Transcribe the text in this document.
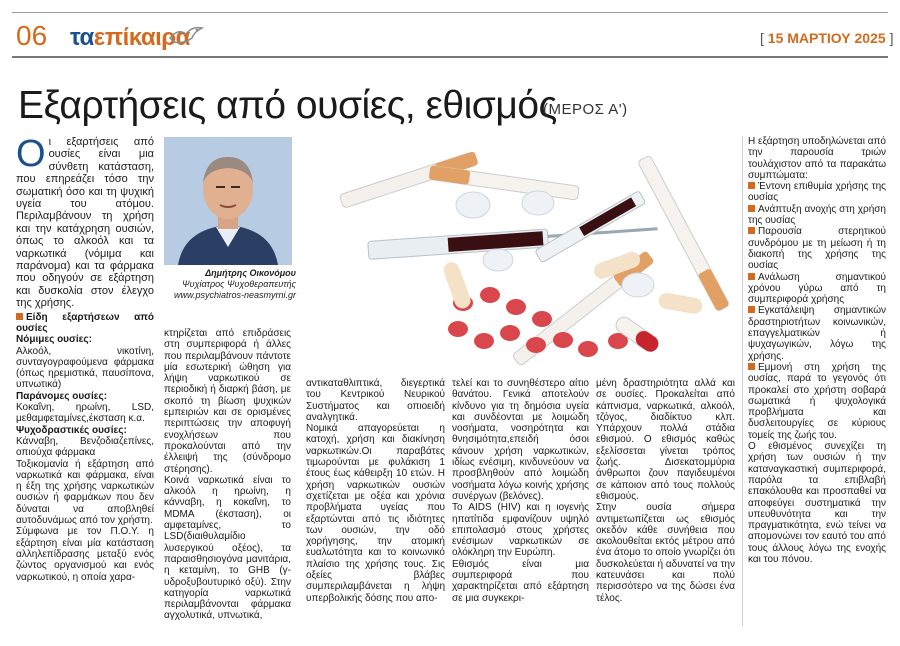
06 ταεπίκαιρα	[ 15 ΜΑΡΤΙΟΥ 2025 ]
Εξαρτήσεις από ουσίες, εθισμός
(ΜΕΡΟΣ Α')

Οι εξαρτήσεις από ουσίες είναι μια σύνθετη κατάσταση, που επηρεάζει τόσο την σωματική όσο και τη ψυχική υγεία του ατόμου. Περιλαμβάνουν τη χρήση και την κατάχρηση ουσιών, όπως το αλκοόλ και τα ναρκωτικά (νόμιμα και παράνομα) και τα φάρμακα που οδηγούν σε εξάρτηση και δυσκολία στον έλεγχο της χρήσης.

Είδη εξαρτήσεων από ουσίες

Νόμιμες ουσίες:

Αλκοόλ, νικοτίνη, συνταγογραφούμενα φάρμακα (όπως ηρεμιστικά, παυσίπονα, υπνωτικά)

Παράνομες ουσίες:

Κοκαΐνη, ηρωίνη, LSD, μεθαμφεταμίνες,έκσταση κ.α.

Ψυχοδραστικές ουσίες:

Κάνναβη, Βενζοδιαζεπίνες, οπιούχα φάρμακα

Τοξικομανία ή εξάρτηση από ναρκωτικά και φάρμακα, είναι η έξη της χρήσης ναρκωτικών ουσιών ή φαρμάκων που δεν δύναται να αποβληθεί αυτοδυνάμως από τον χρήστη.

Σύμφωνα με τον Π.Ο.Υ. η εξάρτηση είναι μία κατάσταση αλληλεπίδρασης μεταξύ ενός ζώντος οργανισμού και ενός ναρκωτικού, η οποία χαρα-

Δημήτρης Οικονόμου
Ψυχίατρος Ψυχοθεραπευτής
www.psychiatros-neasmyrni.gr

κτηρίζεται από επιδράσεις στη συμπεριφορά ή άλλες που περιλαμβάνουν πάντοτε μία εσωτερική ώθηση για λήψη ναρκωτικού σε περιοδική ή διαρκή βάση, με σκοπό τη βίωση ψυχικών εμπειριών και σε ορισμένες περιπτώσεις την αποφυγή ενοχλήσεων που προκαλούνται από την έλλειψή της (σύνδρομο στέρησης).

Κοινά ναρκωτικά είναι το αλκοόλ η ηρωίνη, η κάνναβη, η κοκαΐνη, το MDMA (έκσταση), οι αμφεταμίνες, το LSD(διαιθυλαμίδιο λυσεργικού οξέος), τα παραισθησιογόνα μανιτάρια, η κεταμίνη, το GHB (γ-υδροξυβουτυρικό οξύ). Στην κατηγορία ναρκωτικά περιλαμβάνονται φάρμακα αγχολυτικά, υπνωτικά,

αντικαταθλιπτικά, διεγερτικά του Κεντρικού Νευρικού Συστήματος και οπιοειδή αναλγητικά.

Νομικά απαγορεύεται η κατοχή, χρήση και διακίνηση ναρκωτικών.Οι παραβάτες τιμωρούνται με φυλάκιση 1 έτους έως κάθειρξη 10 ετών. Η χρήση ναρκωτικών ουσιών σχετίζεται με οξέα και χρόνια προβλήματα υγείας που εξαρτώνται από τις ιδιότητες των ουσιών, την οδό χορήγησης, την ατομική ευαλωτότητα και το κοινωνικό πλαίσιο της χρήσης τους. Σις οξείες βλάβες συμπεριλαμβάνεται η λήψη υπερβολικής δόσης που απο-

τελεί και το συνηθέστερο αίτιο θανάτου. Γενικά αποτελούν κίνδυνο για τη δημόσια υγεία και συνδέονται με λοιμώδη νοσήματα, νοσηρότητα και θνησιμότητα,επειδή όσοι κάνουν χρήση ναρκωτικών, ιδίως ενέσιμη, κινδυνεύουν να προσβληθούν από λοιμώδη νοσήματα λόγω κοινής χρήσης συνέργων (βελόνες).

Το AIDS (HIV) και η ιογενής ηπατίτιδα εμφανίζουν υψηλό επιπολασμό στους χρήστες ενέσιμων ναρκωτικών σε ολόκληρη την Ευρώπη.

Εθισμός είναι μια συμπεριφορά που χαρακτηρίζεται από εξάρτηση σε μια συγκεκρι-

μένη δραστηριότητα αλλά και σε ουσίες. Προκαλείται από κάπνισμα, ναρκωτικά, αλκοόλ, τζόγος, διαδίκτυο κλπ. Υπάρχουν πολλά στάδια εθισμού. Ο εθισμός καθώς εξελίσσεται γίνεται τρόπος ζωής. Δισεκατομμύρια άνθρωποι ζουν παγιδευμένοι σε κάποιον από τους πολλούς εθισμούς.

Στην ουσία σήμερα αντιμετωπίζεται ως εθισμός οκεδόν κάθε συνήθεια που ακολουθείται εκτός μέτρου από ένα άτομο το οποίο γνωρίζει ότι δυσκολεύεται ή αδυνατεί να την κατευνάσει και πολύ περισσότερο να της δώσει ένα τέλος.

Η εξάρτηση υποδηλώνεται από την παρουσία τριών τουλάχιστον από τα παρακάτω συμπτώματα:

Έντονη επιθυμία χρήσης της ουσίας

Ανάπτυξη ανοχής στη χρήση της ουσίας

Παρουσία στερητικού συνδρόμου με τη μείωση ή τη διακοπή της χρήσης της ουσίας

Ανάλωση σημαντικού χρόνου γύρω από τη συμπεριφορά χρήσης

Εγκατάλειψη σημαντικών δραστηριοτήτων κοινωνικών, επαγγελματικών ή ψυχαγωγικών, λόγω της χρήσης.

Εμμονή στη χρήση της ουσίας, παρά το γεγονός ότι προκαλεί στο χρήστη σοβαρά σωματικά ή ψυχολογικά προβλήματα και δυσλειτουργίες σε κύριους τομείς της ζωής του.

Ο εθισμένος συνεχίζει τη χρήση των ουσιών ή την καταναγκαστική συμπεριφορά, παρόλα τα επιβλαβή επακόλουθα και προσπαθεί να αποφεύγει συστηματικά την υπευθυνότητα και την πραγματικότητα, ενώ τείνει να απομονώνει τον εαυτό του από τους άλλους λόγω της ενοχής και του πόνου.
